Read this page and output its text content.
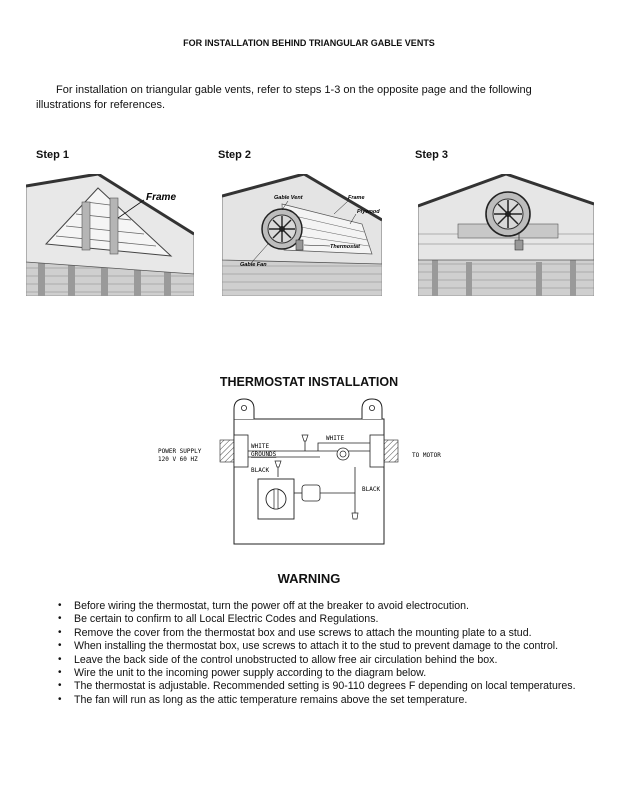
FOR INSTALLATION BEHIND TRIANGULAR GABLE VENTS
For installation on triangular gable vents, refer to steps 1-3 on the opposite page and the following illustrations for references.
Step 1	Step 2	Step 3
Frame	Gable Vent	Frame
Plywood
Thermostat
Gable Fan
THERMOSTAT INSTALLATION
POWER SUPPLY
120 V 60 HZ
WHITE
GROUNDS
WHITE
BLACK
BLACK
TO MOTOR
WARNING
• Before wiring the thermostat, turn the power off at the breaker to avoid electrocution.
• Be certain to confirm to all Local Electric Codes and Regulations.
• Remove the cover from the thermostat box and use screws to attach the mounting plate to a stud.
• When installing the thermostat box, use screws to attach it to the stud to prevent damage to the control.
• Leave the back side of the control unobstructed to allow free air circulation behind the box.
• Wire the unit to the incoming power supply according to the diagram below.
• The thermostat is adjustable. Recommended setting is 90-110 degrees F depending on local temperatures.
• The fan will run as long as the attic temperature remains above the set temperature.
